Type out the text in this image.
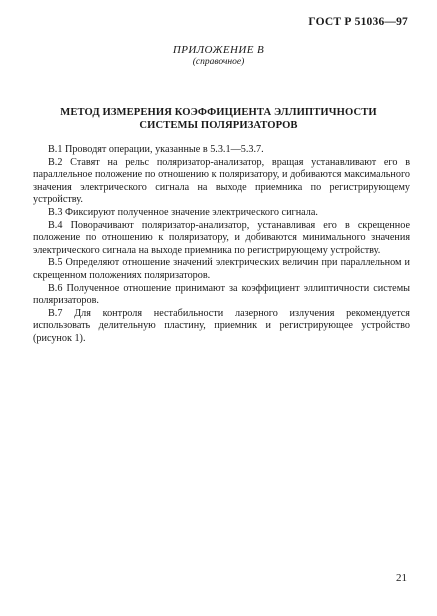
ГОСТ Р 51036—97
ПРИЛОЖЕНИЕ В
(справочное)
МЕТОД ИЗМЕРЕНИЯ КОЭФФИЦИЕНТА ЭЛЛИПТИЧНОСТИ
СИСТЕМЫ ПОЛЯРИЗАТОРОВ

В.1 Проводят операции, указанные в 5.3.1—5.3.7.

В.2 Ставят на рельс поляризатор-анализатор, вращая устанавливают его в параллельное положение по отношению к поляризатору, и добиваются максимального значения электрического сигнала на выходе приемника по регистрирующему устройству.

В.3 Фиксируют полученное значение электрического сигнала.

В.4 Поворачивают поляризатор-анализатор, устанавливая его в скрещенное положение по отношению к поляризатору, и добиваются минимального значения электрического сигнала на выходе приемника по регистрирующему устройству.

В.5 Определяют отношение значений электрических величин при параллельном и скрещенном положениях поляризаторов.

В.6 Полученное отношение принимают за коэффициент эллиптичности системы поляризаторов.

В.7 Для контроля нестабильности лазерного излучения рекомендуется использовать делительную пластину, приемник и регистрирующее устройство (рисунок 1).

21
